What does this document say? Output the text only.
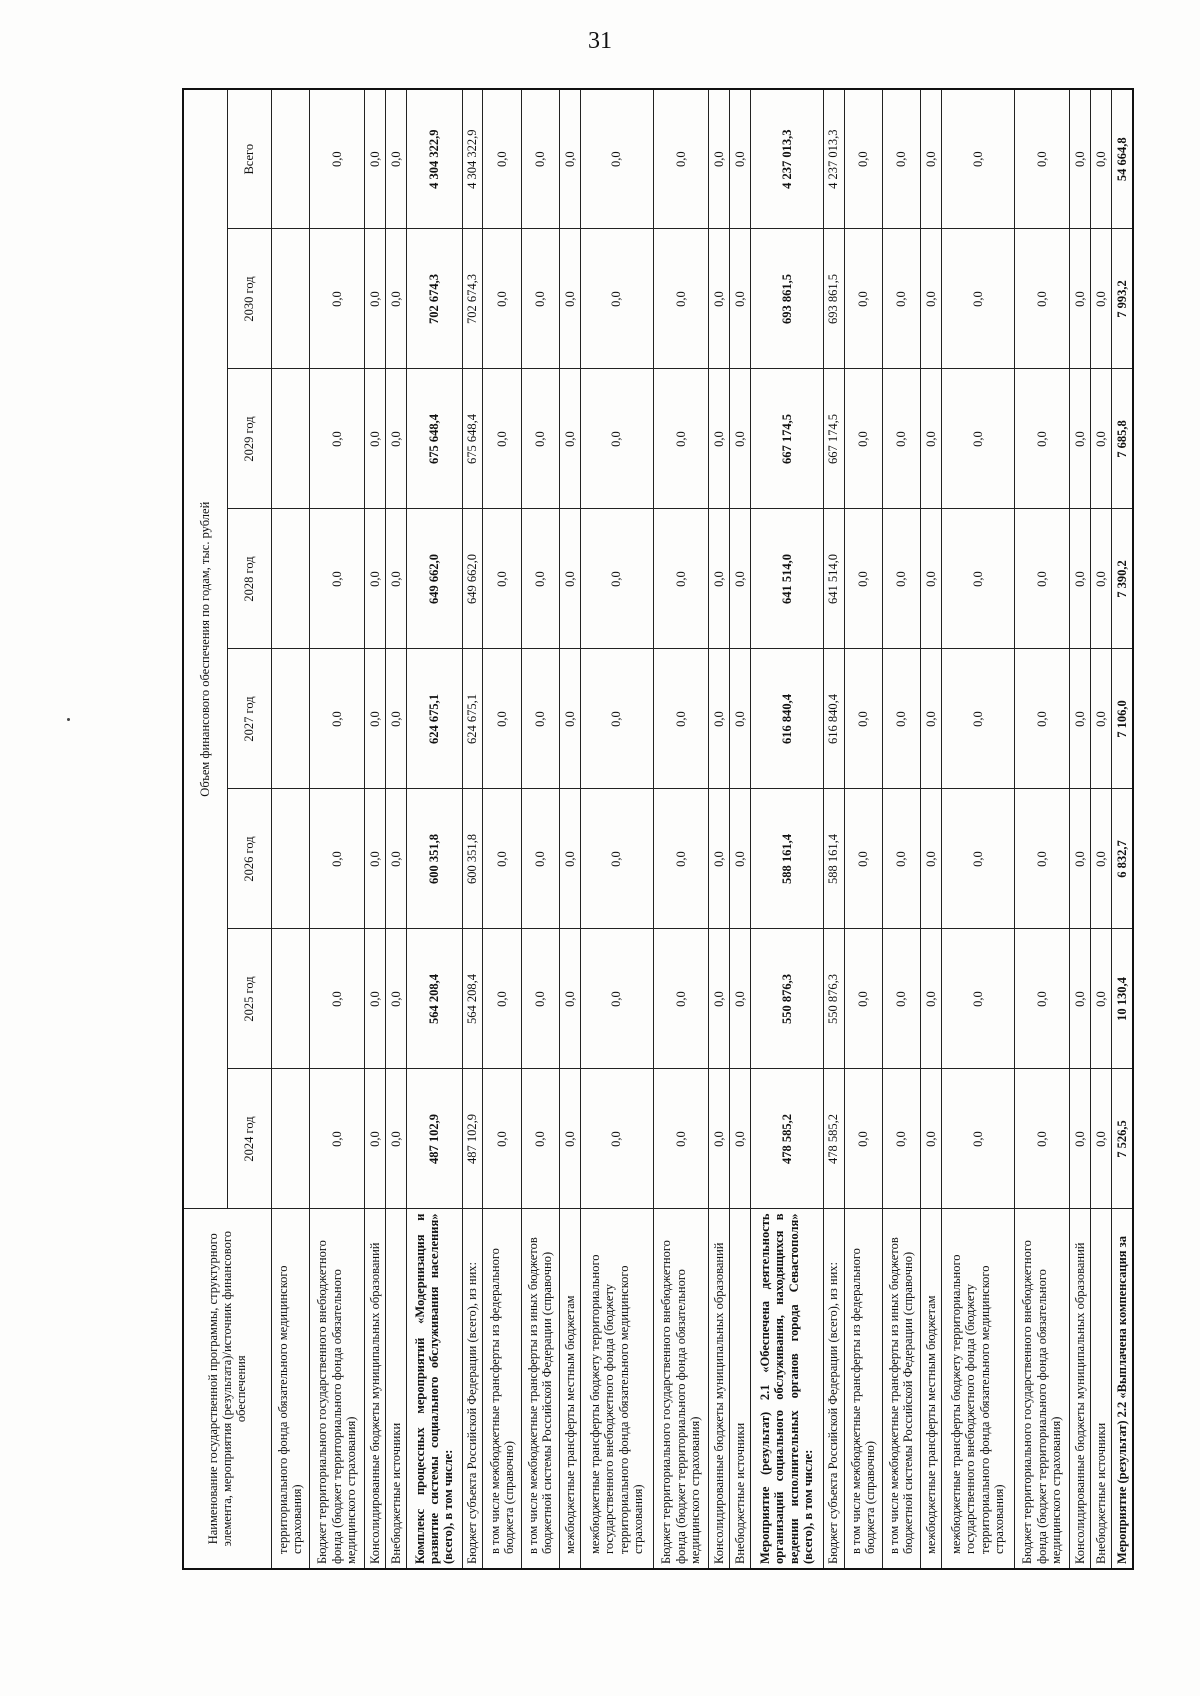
31
Наименование государственной программы, структурного элемента, мероприятия (результата)/источник финансового обеспечения	Объем финансового обеспечения по годам, тыс. рублей							
	2024 год	2025 год	2026 год	2027 год	2028 год	2029 год	2030 год	Всего
территориального фонда обязательного медицинского страхования)								
Бюджет территориального государственного внебюджетного фонда (бюджет территориального фонда обязательного медицинского страхования)	0,0	0,0	0,0	0,0	0,0	0,0	0,0	0,0
Консолидированные бюджеты муниципальных образований	0,0	0,0	0,0	0,0	0,0	0,0	0,0	0,0
Внебюджетные источники	0,0	0,0	0,0	0,0	0,0	0,0	0,0	0,0
Комплекс процессных мероприятий «Модернизация и развитие системы социального обслуживания населения» (всего), в том числе:	487 102,9	564 208,4	600 351,8	624 675,1	649 662,0	675 648,4	702 674,3	4 304 322,9
Бюджет субъекта Российской Федерации (всего), из них:	487 102,9	564 208,4	600 351,8	624 675,1	649 662,0	675 648,4	702 674,3	4 304 322,9
в том числе межбюджетные трансферты из федерального бюджета (справочно)	0,0	0,0	0,0	0,0	0,0	0,0	0,0	0,0
в том числе межбюджетные трансферты из иных бюджетов бюджетной системы Российской Федерации (справочно)	0,0	0,0	0,0	0,0	0,0	0,0	0,0	0,0
межбюджетные трансферты местным бюджетам	0,0	0,0	0,0	0,0	0,0	0,0	0,0	0,0
межбюджетные трансферты бюджету территориального государственного внебюджетного фонда (бюджету территориального фонда обязательного медицинского страхования)	0,0	0,0	0,0	0,0	0,0	0,0	0,0	0,0
Бюджет территориального государственного внебюджетного фонда (бюджет территориального фонда обязательного медицинского страхования)	0,0	0,0	0,0	0,0	0,0	0,0	0,0	0,0
Консолидированные бюджеты муниципальных образований	0,0	0,0	0,0	0,0	0,0	0,0	0,0	0,0
Внебюджетные источники	0,0	0,0	0,0	0,0	0,0	0,0	0,0	0,0
Мероприятие (результат) 2.1 «Обеспечена деятельность организаций социального обслуживания, находящихся в ведении исполнительных органов города Севастополя» (всего), в том числе:	478 585,2	550 876,3	588 161,4	616 840,4	641 514,0	667 174,5	693 861,5	4 237 013,3
Бюджет субъекта Российской Федерации (всего), из них:	478 585,2	550 876,3	588 161,4	616 840,4	641 514,0	667 174,5	693 861,5	4 237 013,3
в том числе межбюджетные трансферты из федерального бюджета (справочно)	0,0	0,0	0,0	0,0	0,0	0,0	0,0	0,0
в том числе межбюджетные трансферты из иных бюджетов бюджетной системы Российской Федерации (справочно)	0,0	0,0	0,0	0,0	0,0	0,0	0,0	0,0
межбюджетные трансферты местным бюджетам	0,0	0,0	0,0	0,0	0,0	0,0	0,0	0,0
межбюджетные трансферты бюджету территориального государственного внебюджетного фонда (бюджету территориального фонда обязательного медицинского страхования)	0,0	0,0	0,0	0,0	0,0	0,0	0,0	0,0
Бюджет территориального государственного внебюджетного фонда (бюджет территориального фонда обязательного медицинского страхования)	0,0	0,0	0,0	0,0	0,0	0,0	0,0	0,0
Консолидированные бюджеты муниципальных образований	0,0	0,0	0,0	0,0	0,0	0,0	0,0	0,0
Внебюджетные источники	0,0	0,0	0,0	0,0	0,0	0,0	0,0	0,0
Мероприятие (результат) 2.2 «Выплачена компенсация за	7 526,5	10 130,4	6 832,7	7 106,0	7 390,2	7 685,8	7 993,2	54 664,8
